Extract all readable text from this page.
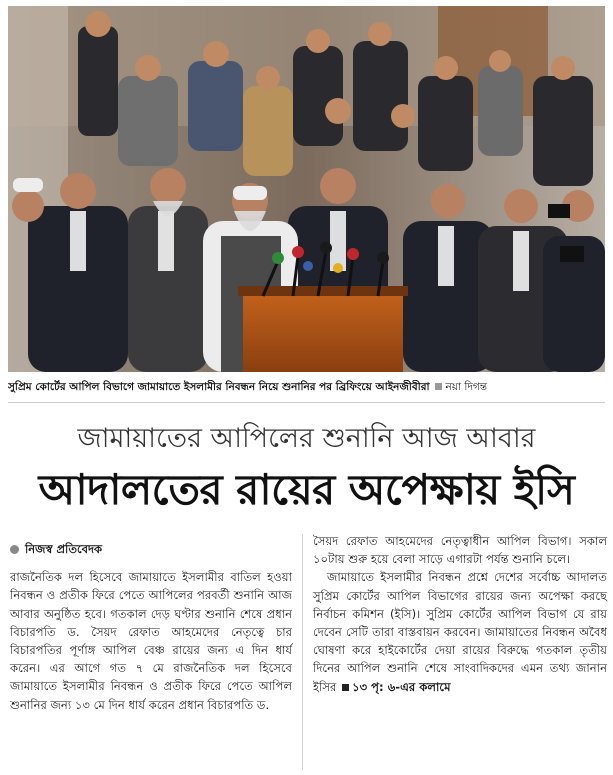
সুপ্রিম কোর্টের আপিল বিভাগে জামায়াতে ইসলামীর নিবন্ধন নিয়ে শুনানির পর ব্রিফিংয়ে আইনজীবীরা নয়া দিগন্ত
জামায়াতের আপিলের শুনানি আজ আবার
আদালতের রায়ের অপেক্ষায় ইসি
নিজস্ব প্রতিবেদক

রাজনৈতিক দল হিসেবে জামায়াতে ইসলামীর বাতিল হওয়া নিবন্ধন ও প্রতীক ফিরে পেতে আপিলের পরবর্তী শুনানি আজ আবার অনুষ্ঠিত হবে। গতকাল দেড় ঘণ্টার শুনানি শেষে প্রধান বিচারপতি ড. সৈয়দ রেফাত আহমেদের নেতৃত্বে চার বিচারপতির পূর্ণাঙ্গ আপিল বেঞ্চ রায়ের জন্য এ দিন ধার্য করেন। এর আগে গত ৭ মে রাজনৈতিক দল হিসেবে জামায়াতে ইসলামীর নিবন্ধন ও প্রতীক ফিরে পেতে আপিল শুনানির জন্য ১৩ মে দিন ধার্য করেন প্রধান বিচারপতি ড.

সৈয়দ রেফাত আহমেদের নেতৃত্বাধীন আপিল বিভাগ। সকাল ১০টায় শুরু হয়ে বেলা সাড়ে এগারটা পর্যন্ত শুনানি চলে।

জামায়াতে ইসলামীর নিবন্ধন প্রশ্নে দেশের সর্বোচ্চ আদালত সুপ্রিম কোর্টের আপিল বিভাগের রায়ের জন্য অপেক্ষা করছে নির্বাচন কমিশন (ইসি)। সুপ্রিম কোর্টের আপিল বিভাগ যে রায় দেবেন সেটি তারা বাস্তবায়ন করবেন। জামায়াতের নিবন্ধন অবৈধ ঘোষণা করে হাইকোর্টের দেয়া রায়ের বিরুদ্ধে গতকাল তৃতীয় দিনের আপিল শুনানি শেষে সাংবাদিকদের এমন তথ্য জানান ইসির ১৩ পৃ: ৬-এর কলামে
